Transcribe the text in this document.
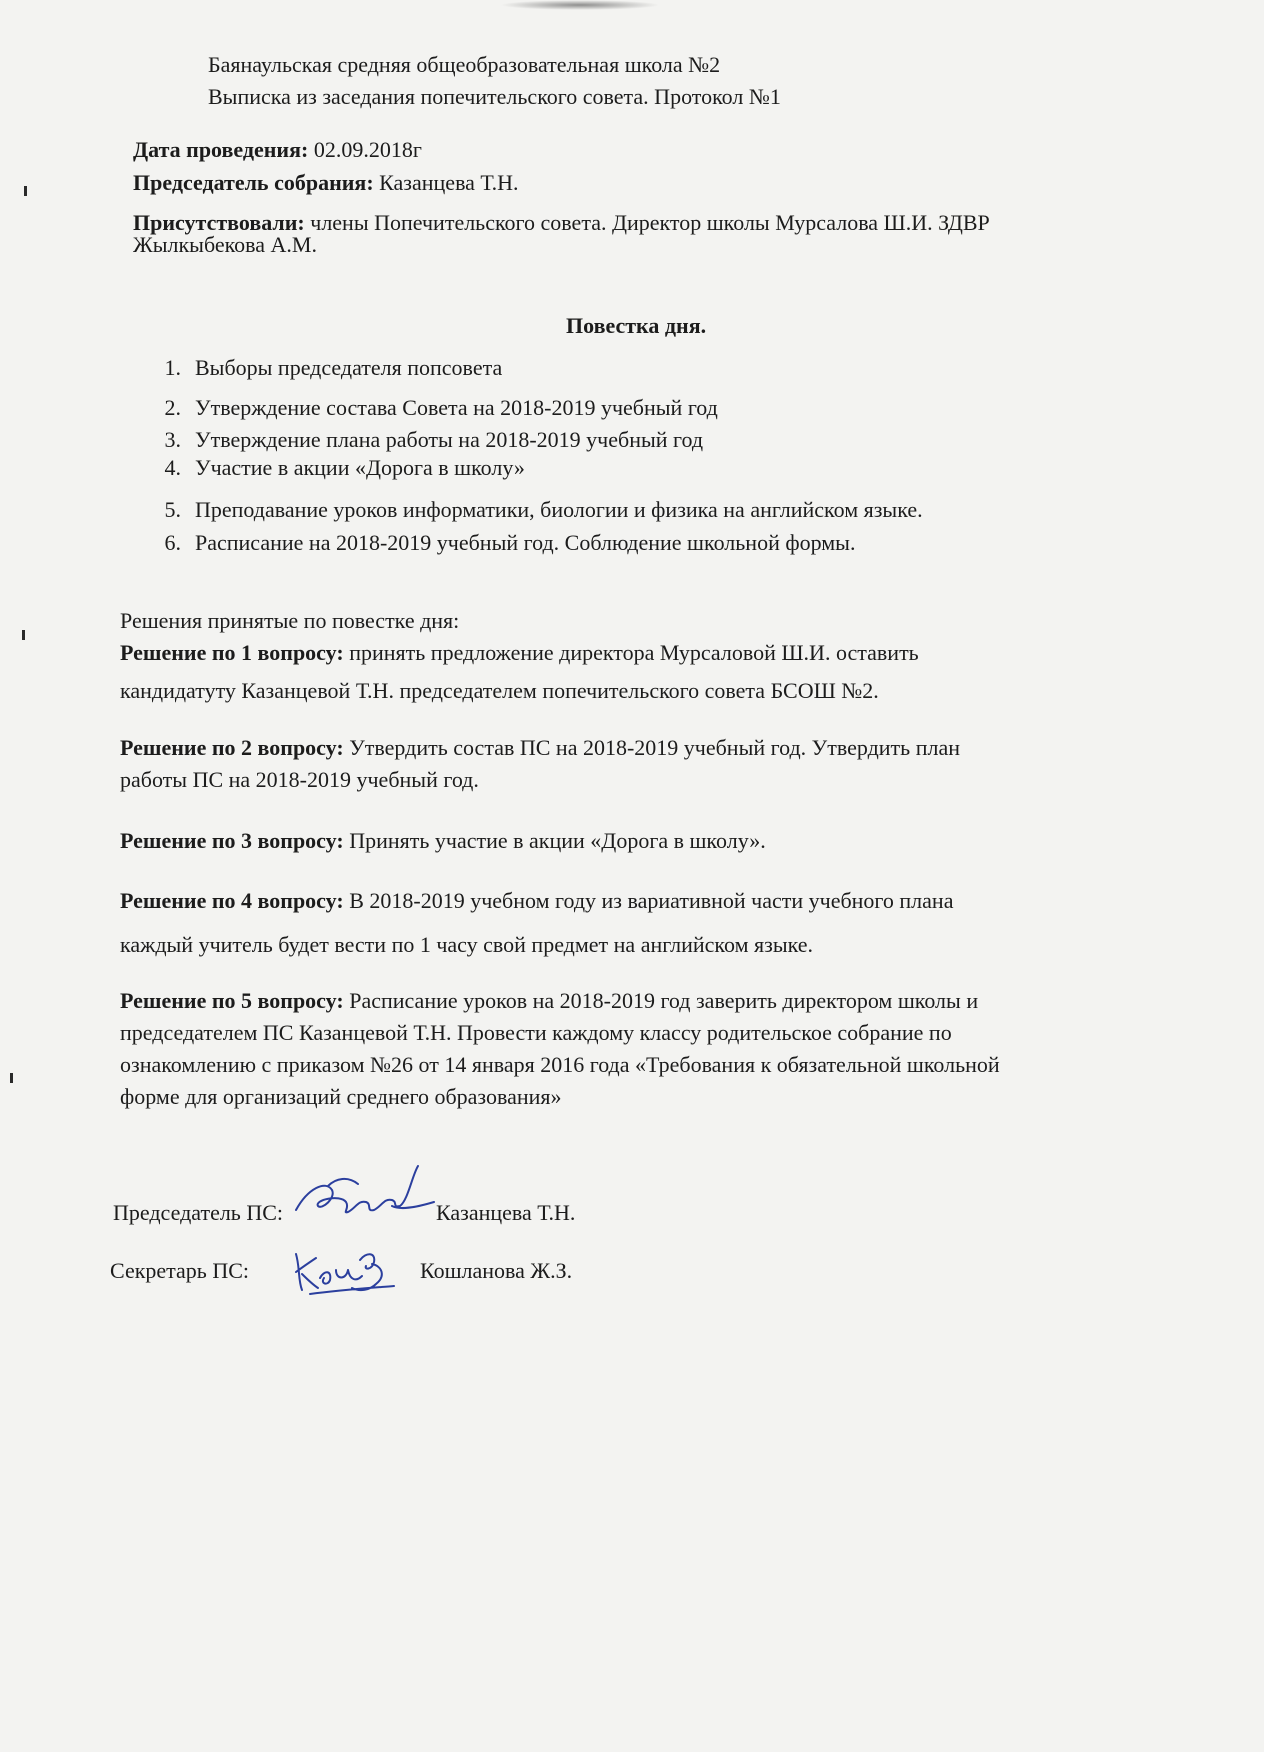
Баянаульская средняя общеобразовательная школа №2
Выписка из заседания попечительского совета. Протокол №1
Дата проведения: 02.09.2018г
Председатель собрания: Казанцева Т.Н.
Присутствовали: члены Попечительского совета. Директор школы Мурсалова Ш.И. ЗДВР
Жылкыбекова А.М.
Повестка дня.
1. Выборы председателя попсовета
2. Утверждение состава Совета на 2018-2019 учебный год
3. Утверждение плана работы на 2018-2019 учебный год
4. Участие в акции «Дорога в школу»
5. Преподавание уроков информатики, биологии и физика на английском языке.
6. Расписание на 2018-2019 учебный год. Соблюдение школьной формы.
Решения принятые по повестке дня:
Решение по 1 вопросу: принять предложение директора Мурсаловой Ш.И. оставить
кандидатуту Казанцевой Т.Н. председателем попечительского совета БСОШ №2.
Решение по 2 вопросу: Утвердить состав ПС на 2018-2019 учебный год. Утвердить план
работы ПС на 2018-2019 учебный год.
Решение по 3 вопросу: Принять участие в акции «Дорога в школу».
Решение по 4 вопросу: В 2018-2019 учебном году из вариативной части учебного плана
каждый учитель будет вести по 1 часу свой предмет на английском языке.
Решение по 5 вопросу: Расписание уроков на 2018-2019 год заверить директором школы и
председателем ПС Казанцевой Т.Н. Провести каждому классу родительское собрание по
ознакомлению с приказом №26 от 14 января 2016 года «Требования к обязательной школьной
форме для организаций среднего образования»
Председатель ПС:	Казанцева Т.Н.
Секретарь ПС:	Кошланова Ж.З.
